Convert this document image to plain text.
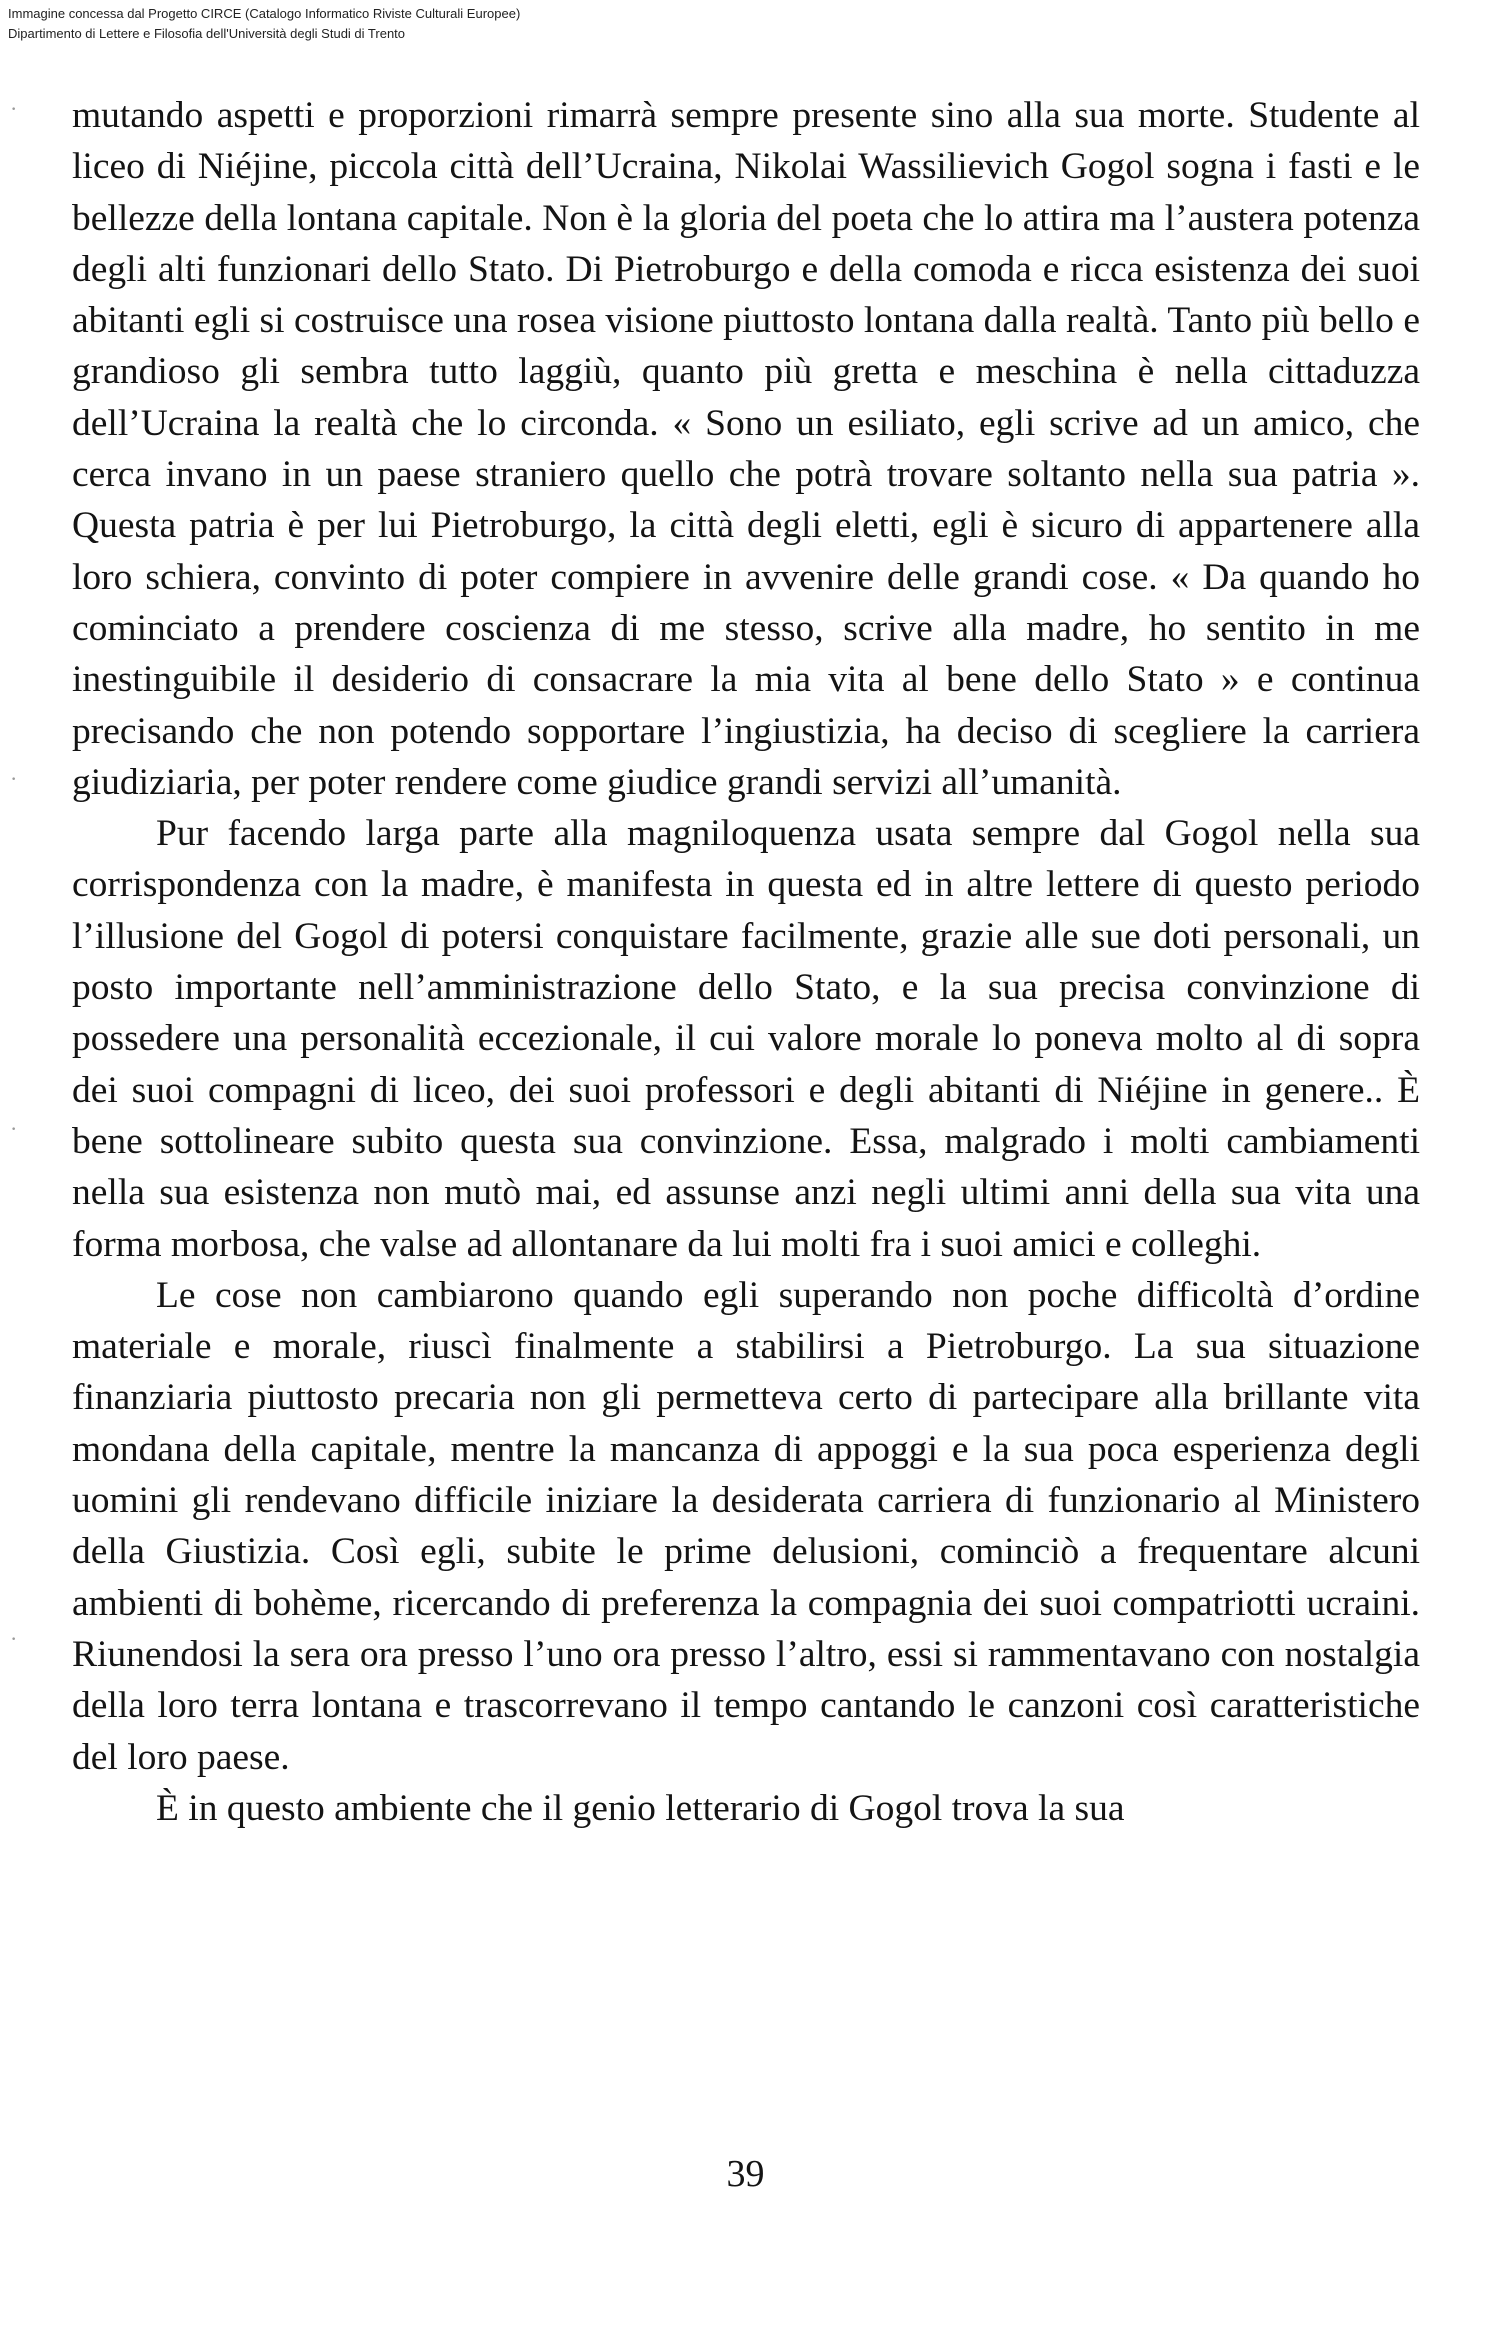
Immagine concessa dal Progetto CIRCE (Catalogo Informatico Riviste Culturali Europee)
Dipartimento di Lettere e Filosofia dell'Università degli Studi di Trento
·
·
·
·

mutando aspetti e proporzioni rimarrà sempre presente sino alla sua morte. Studente al liceo di Niéjine, piccola città dell’Ucraina, Nikolai Wassilievich Gogol sogna i fasti e le bellezze della lontana capitale. Non è la gloria del poeta che lo attira ma l’austera potenza degli alti funzionari dello Stato. Di Pietroburgo e della comoda e ricca esistenza dei suoi abitanti egli si costruisce una rosea visione piuttosto lontana dalla realtà. Tanto più bello e grandioso gli sembra tutto laggiù, quanto più gretta e meschina è nella cittaduzza dell’Ucraina la realtà che lo circonda. « Sono un esiliato, egli scrive ad un amico, che cerca invano in un paese straniero quello che potrà trovare soltanto nella sua patria ». Questa patria è per lui Pietroburgo, la città degli eletti, egli è sicuro di appartenere alla loro schiera, convinto di poter compiere in avvenire delle grandi cose. « Da quando ho cominciato a prendere coscienza di me stesso, scrive alla madre, ho sentito in me inestinguibile il desiderio di consacrare la mia vita al bene dello Stato » e continua precisando che non potendo sopportare l’ingiustizia, ha deciso di scegliere la carriera giudiziaria, per poter rendere come giudice grandi servizi all’umanità.

Pur facendo larga parte alla magniloquenza usata sempre dal Gogol nella sua corrispondenza con la madre, è manifesta in questa ed in altre lettere di questo periodo l’illusione del Gogol di potersi conquistare facilmente, grazie alle sue doti personali, un posto importante nell’amministrazione dello Stato, e la sua precisa convinzione di possedere una personalità eccezionale, il cui valore morale lo poneva molto al di sopra dei suoi compagni di liceo, dei suoi professori e degli abitanti di Niéjine in genere.. È bene sottolineare subito questa sua convinzione. Essa, malgrado i molti cambiamenti nella sua esistenza non mutò mai, ed assunse anzi negli ultimi anni della sua vita una forma morbosa, che valse ad allontanare da lui molti fra i suoi amici e colleghi.

Le cose non cambiarono quando egli superando non poche difficoltà d’ordine materiale e morale, riuscì finalmente a stabilirsi a Pietroburgo. La sua situazione finanziaria piuttosto precaria non gli permetteva certo di partecipare alla brillante vita mondana della capitale, mentre la mancanza di appoggi e la sua poca esperienza degli uomini gli rendevano difficile iniziare la desiderata carriera di funzionario al Ministero della Giustizia. Così egli, subite le prime delusioni, cominciò a frequentare alcuni ambienti di bohème, ricercando di preferenza la compagnia dei suoi compatriotti ucraini. Riunendosi la sera ora presso l’uno ora presso l’altro, essi si rammentavano con nostalgia della loro terra lontana e trascorrevano il tempo cantando le canzoni così caratteristiche del loro paese.

È in questo ambiente che il genio letterario di Gogol trova la sua

39
